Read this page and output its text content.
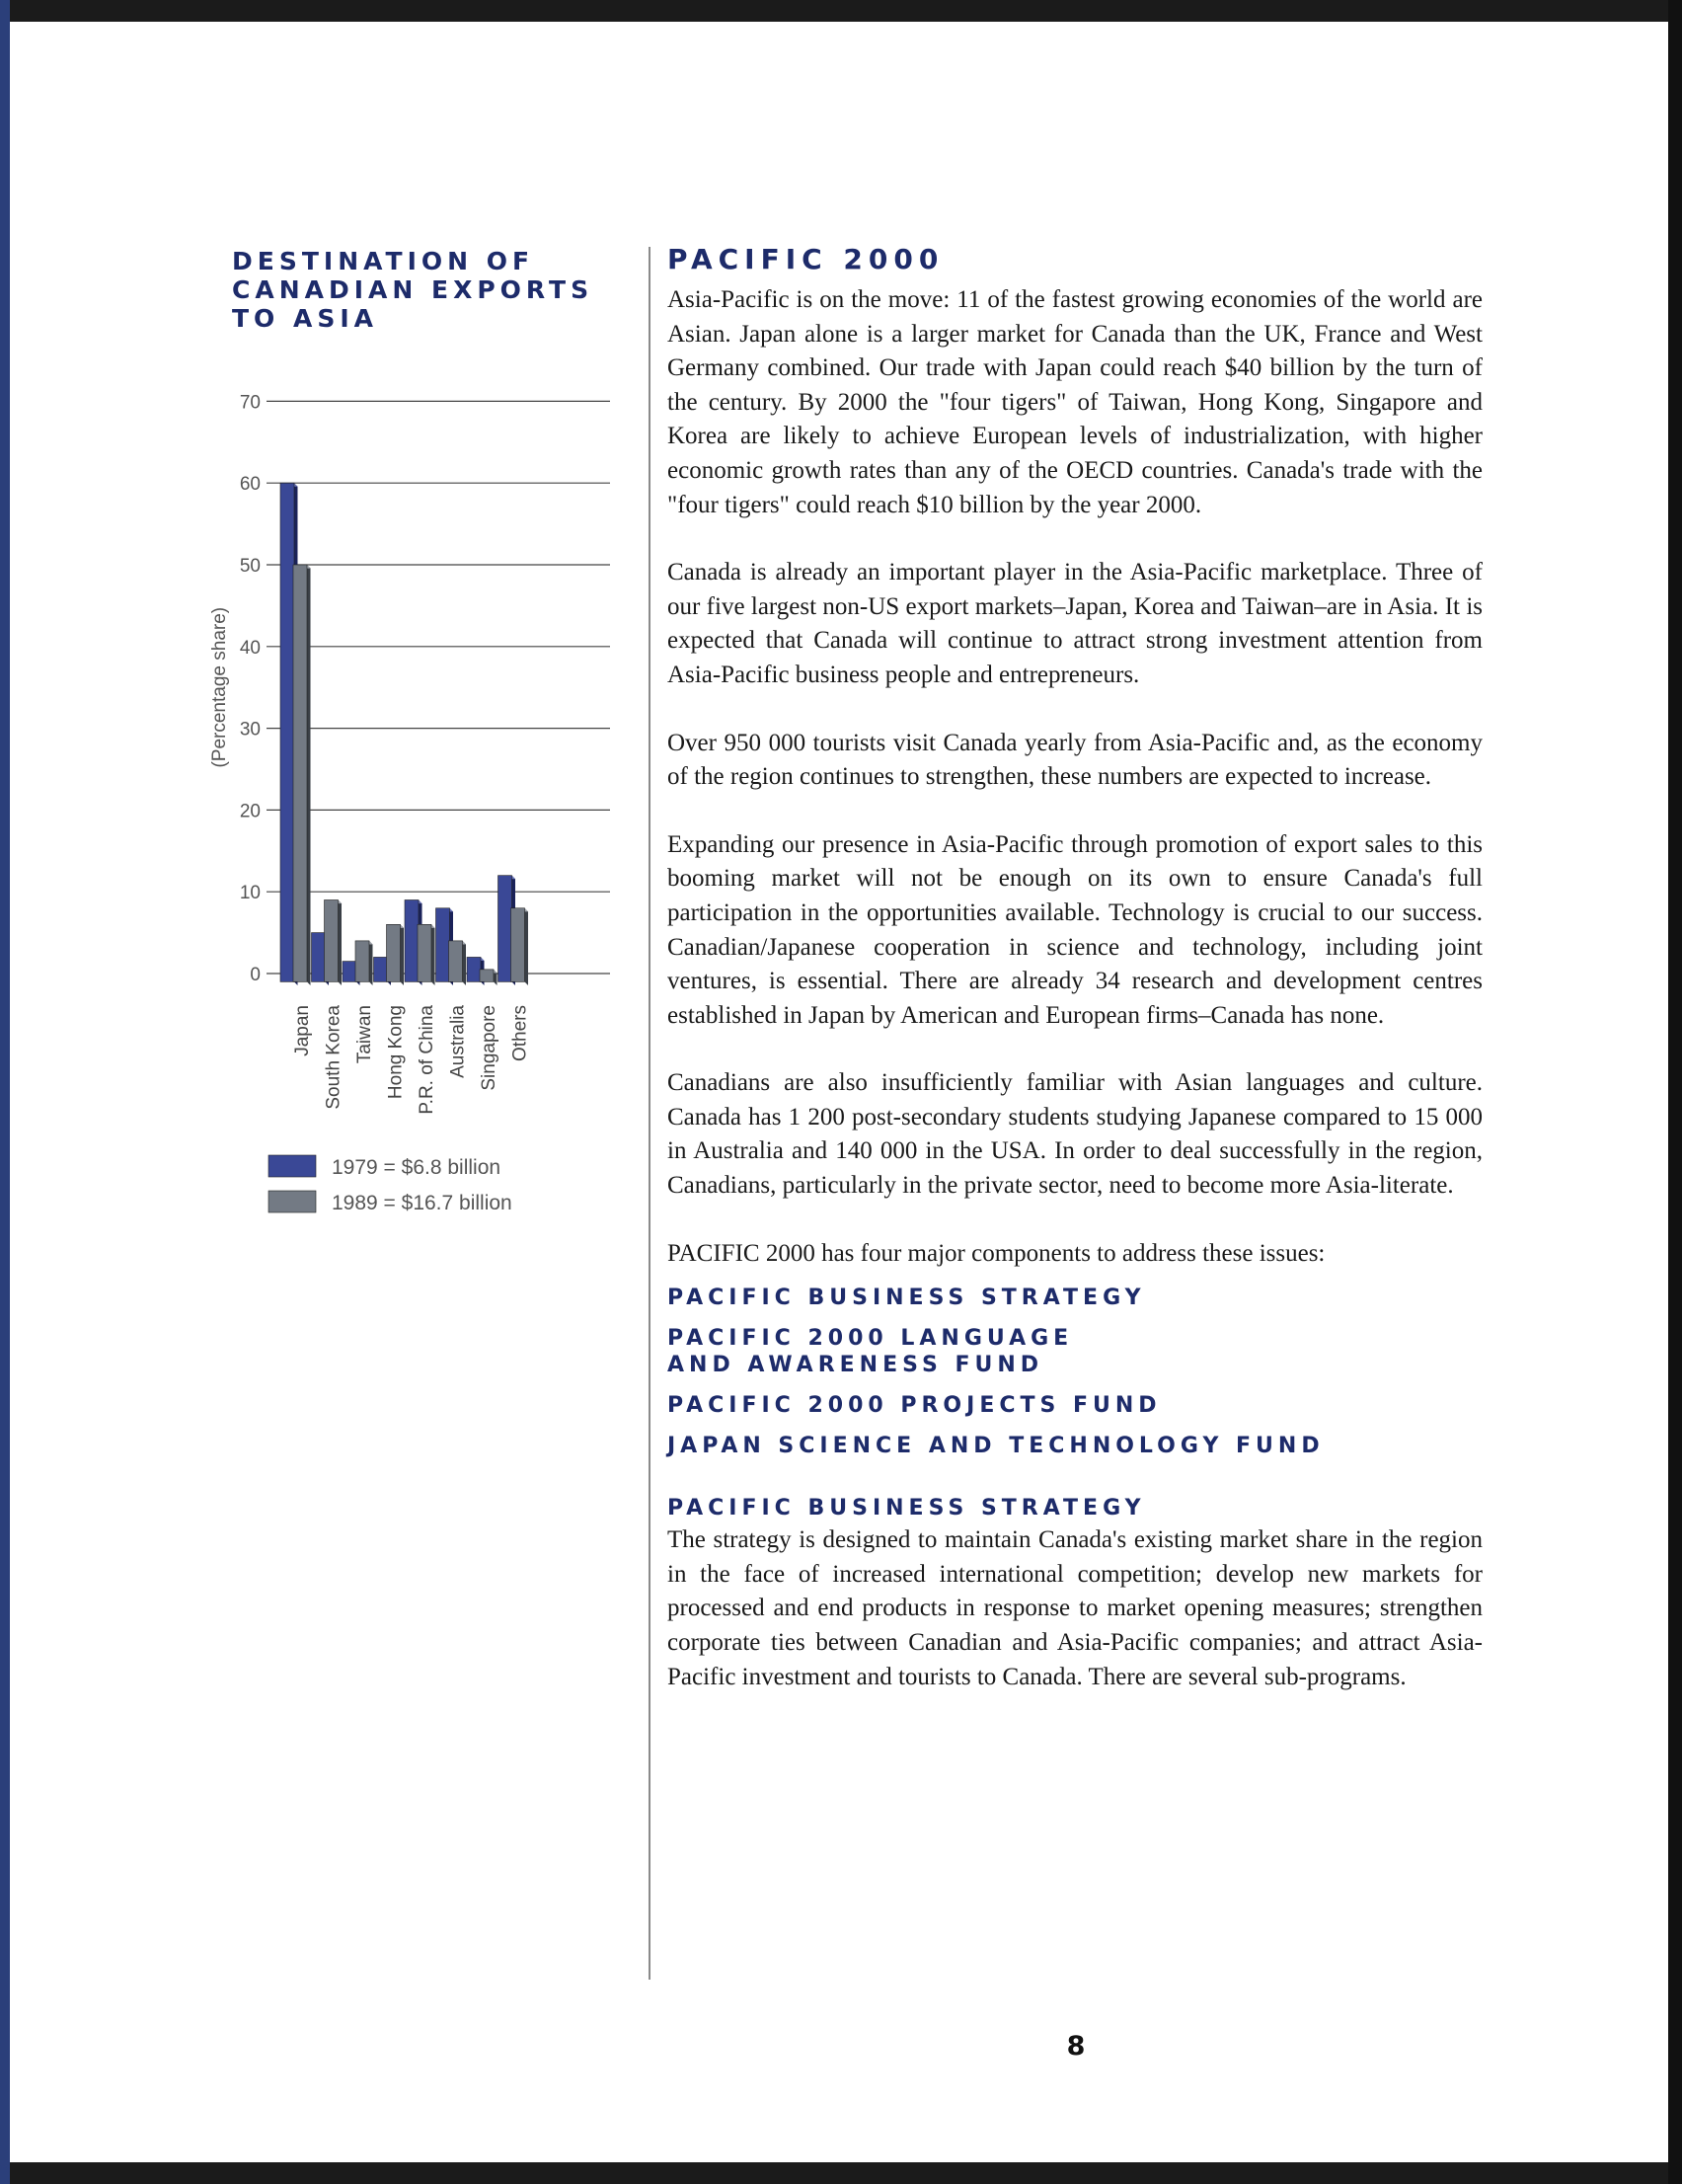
DESTINATION OF CANADIAN EXPORTS TO ASIA
(Percentage share)
0
10
20
30
40
50
60
70
Japan South Korea Taiwan Hong Kong P.R. of China Australia Singapore Others
1979 = $6.8 billion
1989 = $16.7 billion
PACIFIC 2000

Asia-Pacific is on the move: 11 of the fastest growing economies of the world are Asian. Japan alone is a larger market for Canada than the UK, France and West Germany combined. Our trade with Japan could reach $40 billion by the turn of the century. By 2000 the "four tigers" of Taiwan, Hong Kong, Singapore and Korea are likely to achieve European levels of industrialization, with higher economic growth rates than any of the OECD countries. Canada's trade with the "four tigers" could reach $10 billion by the year 2000.

Canada is already an important player in the Asia-Pacific marketplace. Three of our five largest non-US export markets–Japan, Korea and Taiwan–are in Asia. It is expected that Canada will continue to attract strong investment attention from Asia-Pacific business people and entrepreneurs.

Over 950 000 tourists visit Canada yearly from Asia-Pacific and, as the economy of the region continues to strengthen, these numbers are expected to increase.

Expanding our presence in Asia-Pacific through promotion of export sales to this booming market will not be enough on its own to ensure Canada's full participation in the opportunities available. Technology is crucial to our success. Canadian/Japanese cooperation in science and technology, including joint ventures, is essential. There are already 34 research and development centres established in Japan by American and European firms–Canada has none.

Canadians are also insufficiently familiar with Asian languages and culture. Canada has 1 200 post-secondary students studying Japanese compared to 15 000 in Australia and 140 000 in the USA. In order to deal successfully in the region, Canadians, particularly in the private sector, need to become more Asia-literate.

PACIFIC 2000 has four major components to address these issues:

PACIFIC BUSINESS STRATEGY
PACIFIC 2000 LANGUAGE
AND AWARENESS FUND
PACIFIC 2000 PROJECTS FUND
JAPAN SCIENCE AND TECHNOLOGY FUND
PACIFIC BUSINESS STRATEGY

The strategy is designed to maintain Canada's existing market share in the region in the face of increased international competition; develop new markets for processed and end products in response to market opening measures; strengthen corporate ties between Canadian and Asia-Pacific companies; and attract Asia-Pacific investment and tourists to Canada. There are several sub-programs.

8
